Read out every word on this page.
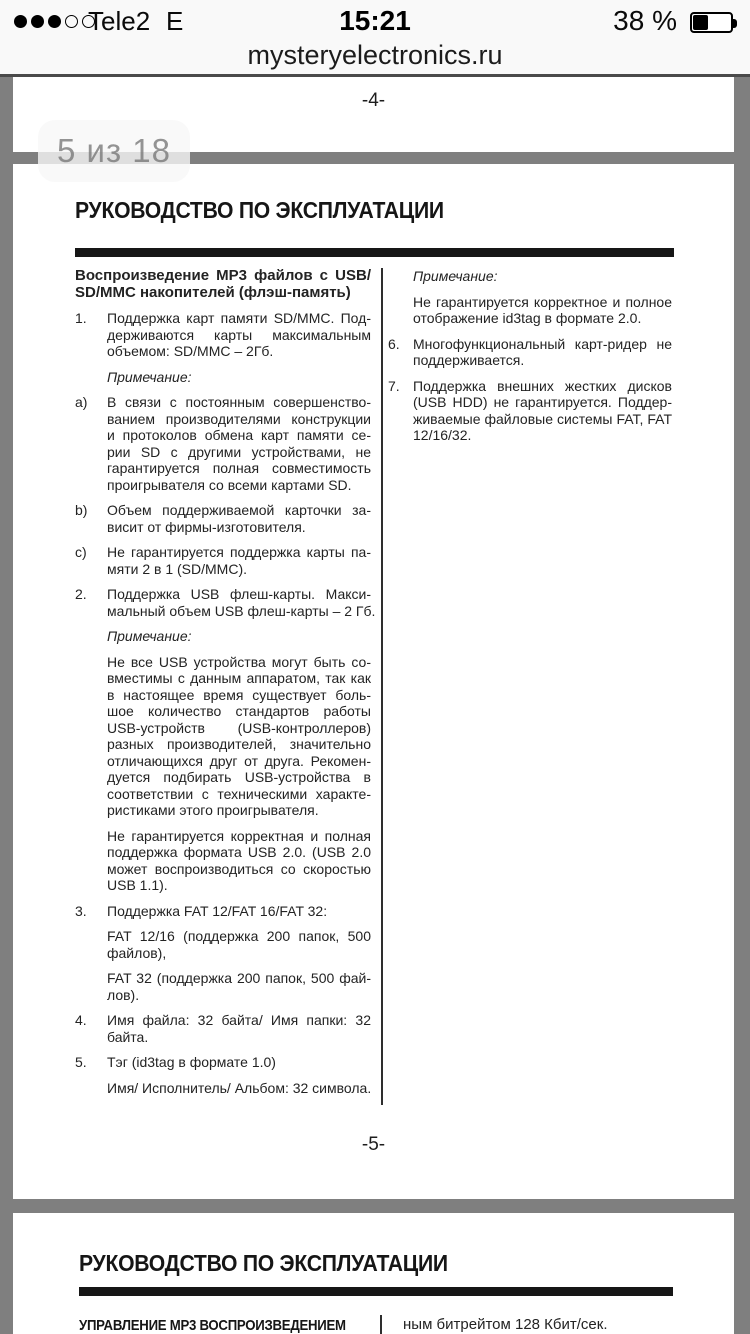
Tele2 E	15:21	38 %
mysteryelectronics.ru
-4-
РУКОВОДСТВО ПО ЭКСПЛУАТАЦИИ
Воспроизведение MP3 файлов с USB/
SD/MMC накопителей (флэш-память)
1. Поддержка карт памяти SD/MMC. Под-
держиваются карты максимальным
объемом: SD/MMC – 2Гб.
Примечание:
a) В связи с постоянным совершенство-
ванием производителями конструкции
и протоколов обмена карт памяти се-
рии SD с другими устройствами, не
гарантируется полная совместимость
проигрывателя со всеми картами SD.
b) Объем поддерживаемой карточки за-
висит от фирмы-изготовителя.
c) Не гарантируется поддержка карты па-
мяти 2 в 1 (SD/MMC).
2. Поддержка USB флеш-карты. Макси-
мальный объем USB флеш-карты – 2 Гб.
Примечание:
Не все USB устройства могут быть со-
вместимы с данным аппаратом, так как
в настоящее время существует боль-
шое количество стандартов работы
USB-устройств (USB-контроллеров)
разных производителей, значительно
отличающихся друг от друга. Рекомен-
дуется подбирать USB-устройства в
соответствии с техническими характе-
ристиками этого проигрывателя.
Не гарантируется корректная и полная
поддержка формата USB 2.0. (USB 2.0
может воспроизводиться со скоростью
USB 1.1).
3. Поддержка FAT 12/FAT 16/FAT 32:
FAT 12/16 (поддержка 200 папок, 500
файлов),
FAT 32 (поддержка 200 папок, 500 фай-
лов).
4. Имя файла: 32 байта/ Имя папки: 32
байта.
5. Тэг (id3tag в формате 1.0)
Имя/ Исполнитель/ Альбом: 32 символа.
Примечание:
Не гарантируется корректное и полное
отображение id3tag в формате 2.0.
6. Многофункциональный карт-ридер не
поддерживается.
7. Поддержка внешних жестких дисков
(USB HDD) не гарантируется. Поддер-
живаемые файловые системы FAT, FAT
12/16/32.
-5-
РУКОВОДСТВО ПО ЭКСПЛУАТАЦИИ
УПРАВЛЕНИЕ MP3 ВОСПРОИЗВЕДЕНИЕМ	ным битрейтом 128 Кбит/сек.
5 из 18
